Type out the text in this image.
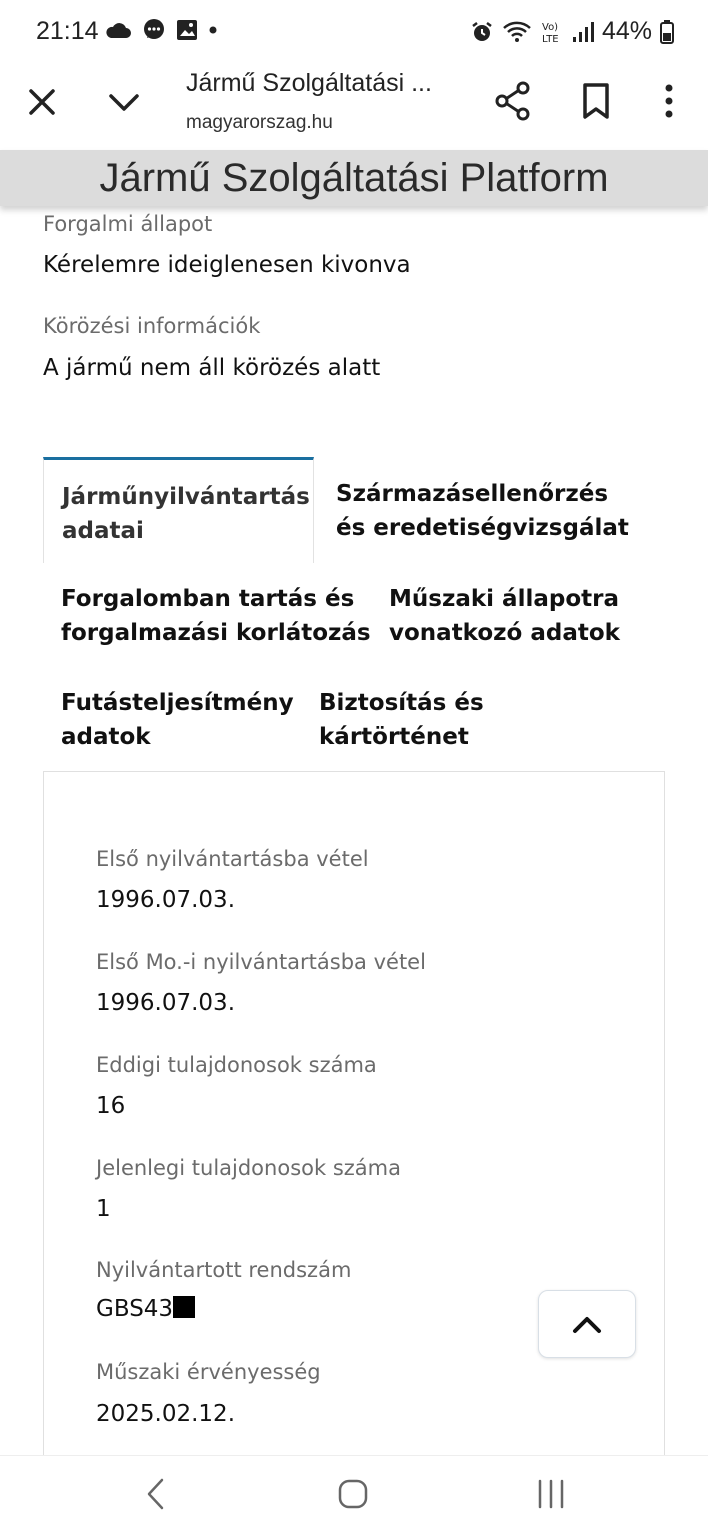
21:14	Vo)
LTE 44%
Jármű Szolgáltatási ...
magyarorszag.hu
Jármű Szolgáltatási Platform
Forgalmi állapot
Kérelemre ideiglenesen kivonva
Körözési információk
A jármű nem áll körözés alatt
Járműnyilvántartás
adatai
Származásellenőrzés
és eredetiségvizsgálat
Forgalomban tartás és
forgalmazási korlátozás
Műszaki állapotra
vonatkozó adatok
Futásteljesítmény
adatok
Biztosítás és
kártörténet
Első nyilvántartásba vétel
1996.07.03.
Első Mo.-i nyilvántartásba vétel
1996.07.03.
Eddigi tulajdonosok száma
16
Jelenlegi tulajdonosok száma
1
Nyilvántartott rendszám
GBS43
Műszaki érvényesség
2025.02.12.
